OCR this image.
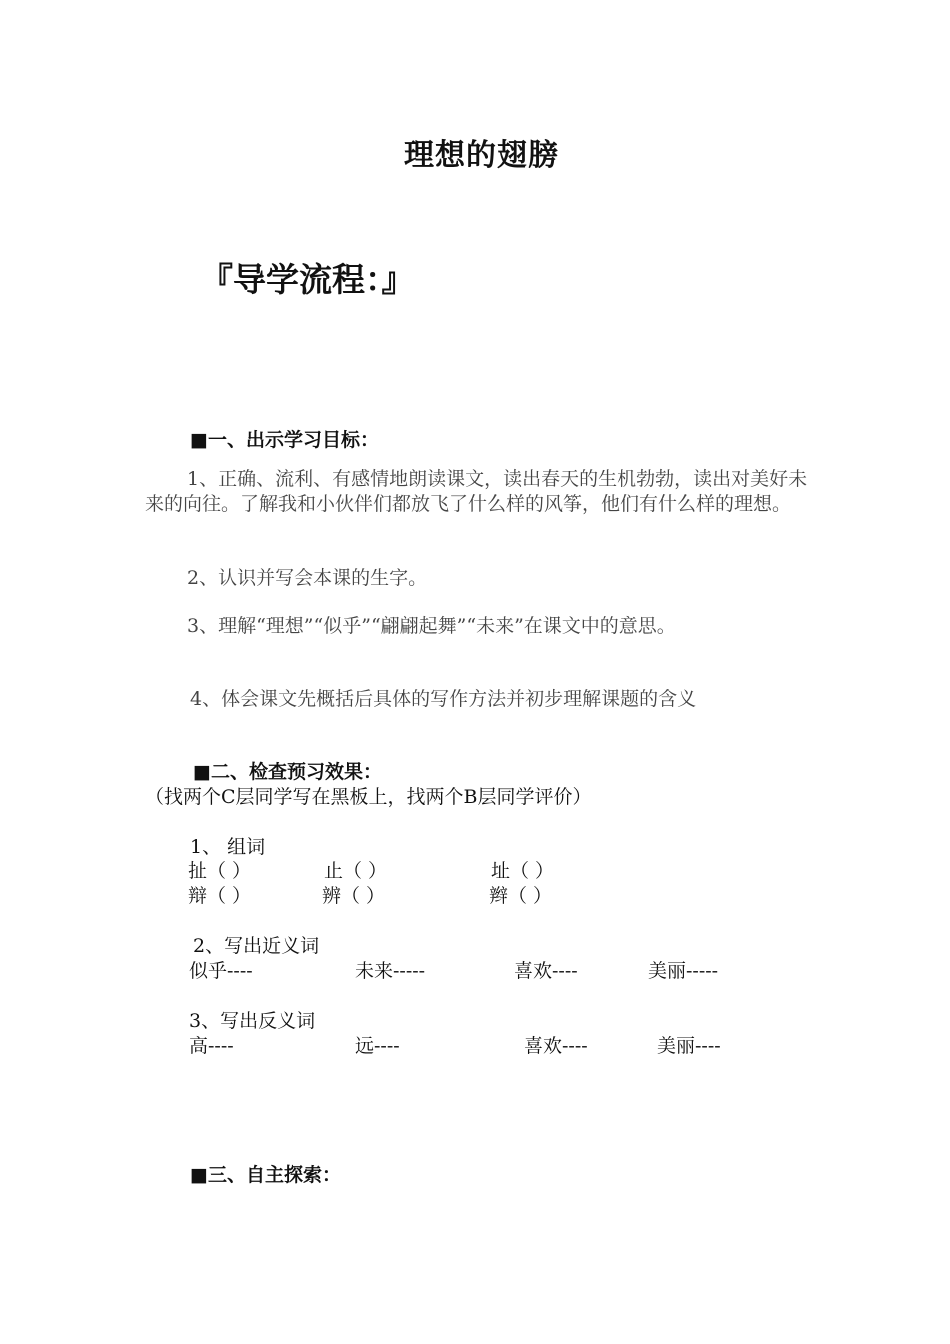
理想的翅膀
『导学流程：』
■一、出示学习目标：
1、正确、流利、有感情地朗读课文，读出春天的生机勃勃，读出对美好未来的向往。了解我和小伙伴们都放飞了什么样的风筝，他们有什么样的理想。
2、认识并写会本课的生字。
3、理解“理想”“似乎”“翩翩起舞”“未来”在课文中的意思。
4、体会课文先概括后具体的写作方法并初步理解课题的含义
■二、检查预习效果：（找两个C层同学写在黑板上，找两个B层同学评价）
1、 组词
扯（ ）	止（ ）	址（ ）
辩（ ）	辨（ ）	辫（ ）
2、写出近义词
似乎----	未来-----	喜欢----	美丽-----
3、写出反义词
高----	远----	喜欢----	美丽----
■三、自主探索：
